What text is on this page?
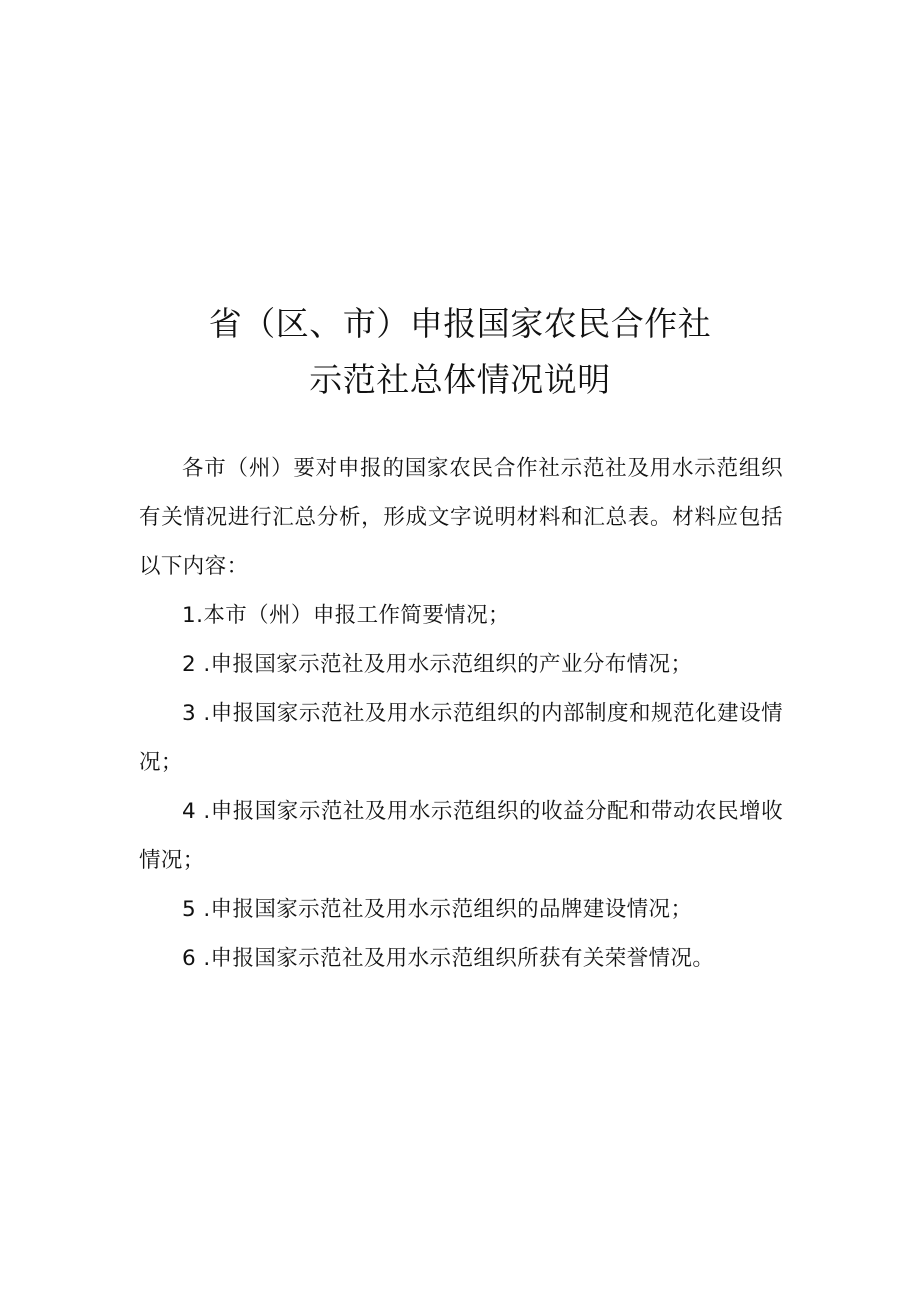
省（区、市）申报国家农民合作社
示范社总体情况说明

各市（州）要对申报的国家农民合作社示范社及用水示范组织有关情况进行汇总分析，形成文字说明材料和汇总表。材料应包括以下内容：

1.本市（州）申报工作简要情况；

2 .申报国家示范社及用水示范组织的产业分布情况；

3 .申报国家示范社及用水示范组织的内部制度和规范化建设情况；

4 .申报国家示范社及用水示范组织的收益分配和带动农民增收情况；

5 .申报国家示范社及用水示范组织的品牌建设情况；

6 .申报国家示范社及用水示范组织所获有关荣誉情况。
